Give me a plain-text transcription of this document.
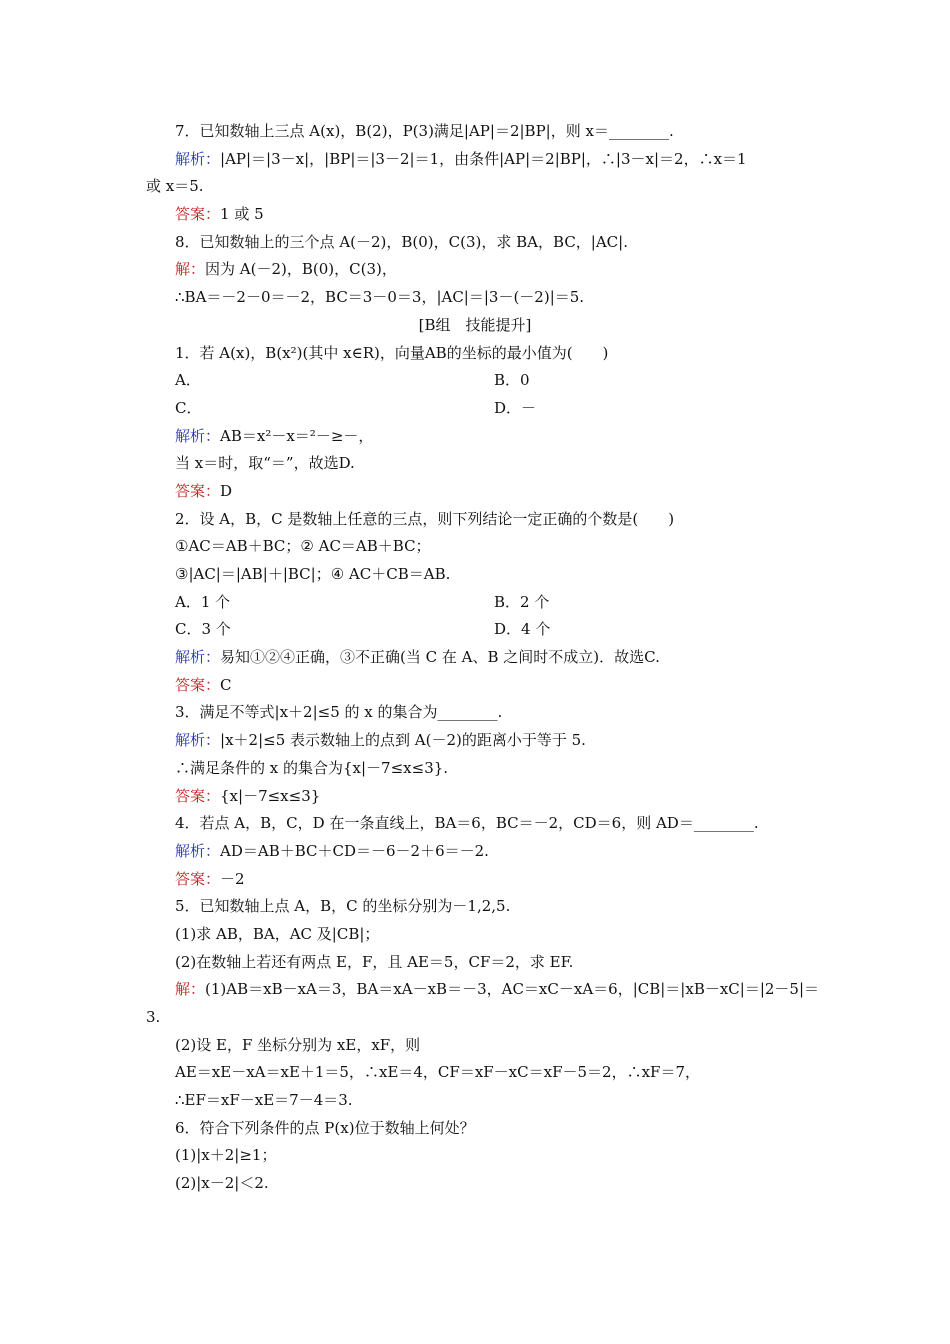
7．已知数轴上三点 A(x)，B(2)，P(3)满足|AP|＝2|BP|，则 x＝________.
解析：|AP|＝|3－x|，|BP|＝|3－2|＝1，由条件|AP|＝2|BP|，∴|3－x|＝2，∴x＝1
或 x＝5.
答案：1 或 5
8．已知数轴上的三个点 A(－2)，B(0)，C(3)，求 BA，BC，|AC|.
解：因为 A(－2)，B(0)，C(3)，
∴BA＝－2－0＝－2，BC＝3－0＝3，|AC|＝|3－(－2)|＝5.
[B组　技能提升]
1．若 A(x)，B(x²)(其中 x∈R)，向量AB的坐标的最小值为(　　)
A．	B．0
C．	D．－
解析：AB＝x²－x＝²－≥－，
当 x＝时，取“＝”，故选D.
答案：D
2．设 A，B，C 是数轴上任意的三点，则下列结论一定正确的个数是(　　)
①AC＝AB＋BC；② AC＝AB＋BC；
③|AC|＝|AB|＋|BC|；④ AC＋CB＝AB.
A．1 个	B．2 个
C．3 个	D．4 个
解析：易知①②④正确，③不正确(当 C 在 A、B 之间时不成立)．故选C.
答案：C
3．满足不等式|x＋2|≤5 的 x 的集合为________.
解析：|x＋2|≤5 表示数轴上的点到 A(－2)的距离小于等于 5.
∴满足条件的 x 的集合为{x|－7≤x≤3}.
答案：{x|－7≤x≤3}
4．若点 A，B，C，D 在一条直线上，BA＝6，BC＝－2，CD＝6，则 AD＝________.
解析：AD＝AB＋BC＋CD＝－6－2＋6＝－2.
答案：－2
5．已知数轴上点 A，B，C 的坐标分别为－1,2,5.
(1)求 AB，BA，AC 及|CB|；
(2)在数轴上若还有两点 E，F，且 AE＝5，CF＝2，求 EF.
解：(1)AB＝xB－xA＝3，BA＝xA－xB＝－3，AC＝xC－xA＝6，|CB|＝|xB－xC|＝|2－5|＝
3.
(2)设 E，F 坐标分别为 xE，xF，则
AE＝xE－xA＝xE＋1＝5，∴xE＝4，CF＝xF－xC＝xF－5＝2，∴xF＝7，
∴EF＝xF－xE＝7－4＝3.
6．符合下列条件的点 P(x)位于数轴上何处？
(1)|x＋2|≥1；
(2)|x－2|＜2.
